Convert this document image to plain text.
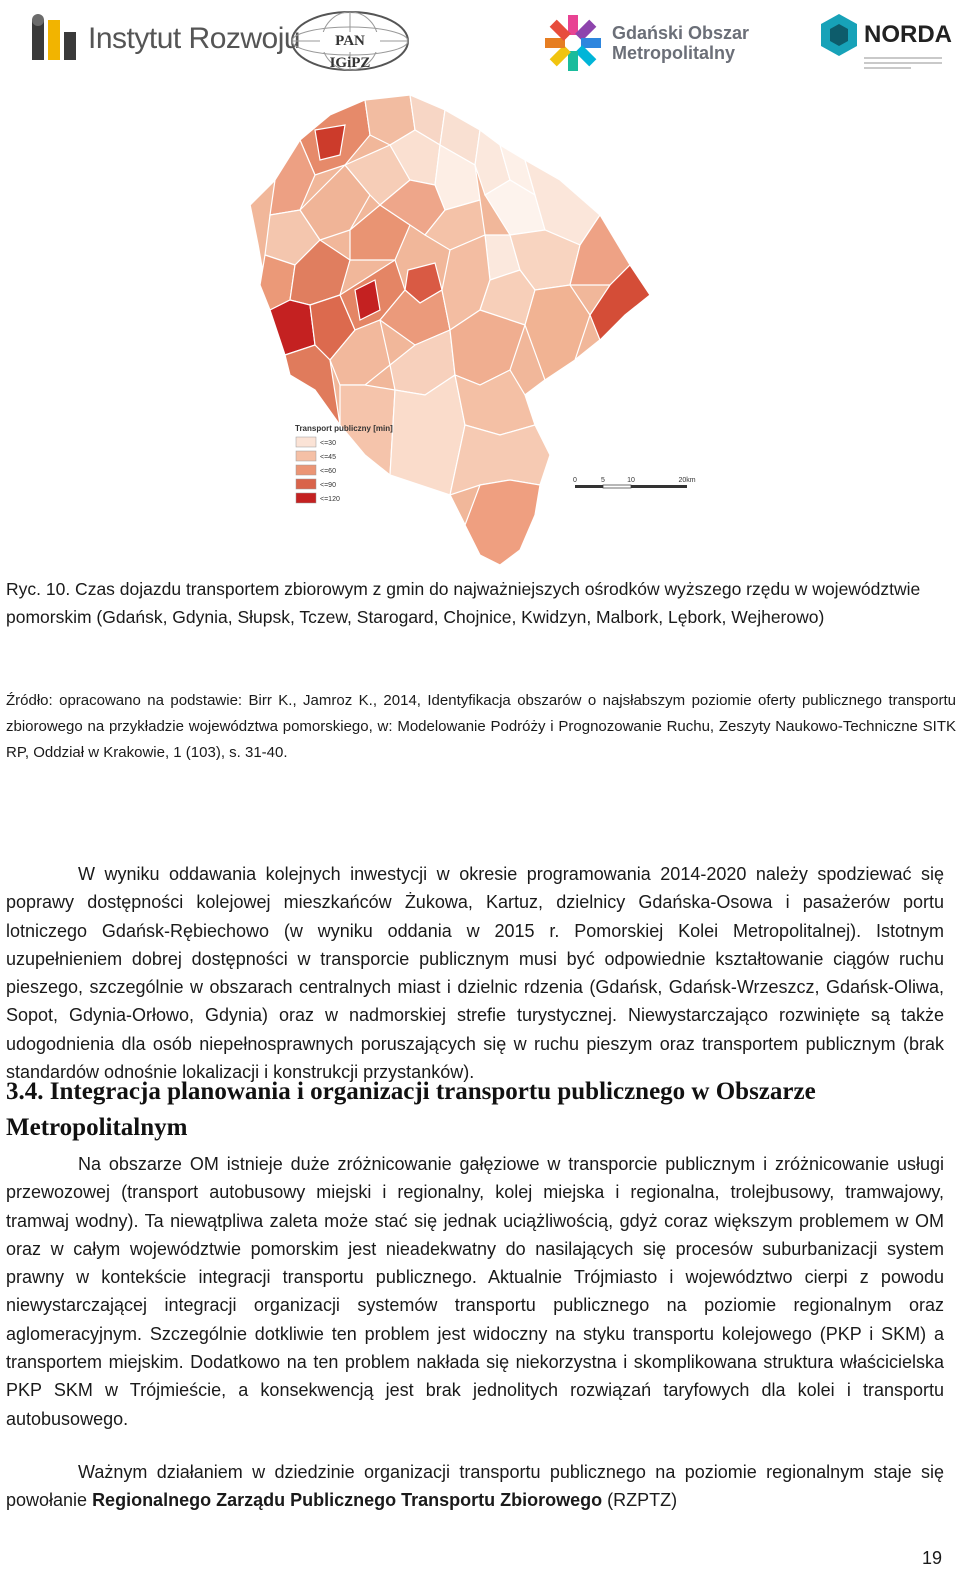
Instytut Rozwoju	PAN IGiPZ
Gdański Obszar
Metropolitalny
NORDA
Transport publiczny [min]
<=30
<=45
<=60
<=90
<=120
0	5	10	20km
Ryc. 10. Czas dojazdu transportem zbiorowym z gmin do najważniejszych ośrodków wyższego rzędu w województwie pomorskim (Gdańsk, Gdynia, Słupsk, Tczew, Starogard, Chojnice, Kwidzyn, Malbork, Lębork, Wejherowo)
Źródło: opracowano na podstawie: Birr K., Jamroz K., 2014, Identyfikacja obszarów o najsłabszym poziomie oferty publicznego transportu zbiorowego na przykładzie województwa pomorskiego, w: Modelowanie Podróży i Prognozowanie Ruchu, Zeszyty Naukowo-Techniczne SITK RP, Oddział w Krakowie, 1 (103), s. 31-40.
W wyniku oddawania kolejnych inwestycji w okresie programowania 2014-2020 należy spodziewać się poprawy dostępności kolejowej mieszkańców Żukowa, Kartuz, dzielnicy Gdańska-Osowa i pasażerów portu lotniczego Gdańsk-Rębiechowo (w wyniku oddania w 2015 r. Pomorskiej Kolei Metropolitalnej). Istotnym uzupełnieniem dobrej dostępności w transporcie publicznym musi być odpowiednie kształtowanie ciągów ruchu pieszego, szczególnie w obszarach centralnych miast i dzielnic rdzenia (Gdańsk, Gdańsk-Wrzeszcz, Gdańsk-Oliwa, Sopot, Gdynia-Orłowo, Gdynia) oraz w nadmorskiej strefie turystycznej. Niewystarczająco rozwinięte są także udogodnienia dla osób niepełnosprawnych poruszających się w ruchu pieszym oraz transportem publicznym (brak standardów odnośnie lokalizacji i konstrukcji przystanków).
3.4. Integracja planowania i organizacji transportu publicznego w Obszarze Metropolitalnym
Na obszarze OM istnieje duże zróżnicowanie gałęziowe w transporcie publicznym i zróżnicowanie usługi przewozowej (transport autobusowy miejski i regionalny, kolej miejska i regionalna, trolejbusowy, tramwajowy, tramwaj wodny). Ta niewątpliwa zaleta może stać się jednak uciążliwością, gdyż coraz większym problemem w OM oraz w całym województwie pomorskim jest nieadekwatny do nasilających się procesów suburbanizacji system prawny w kontekście integracji transportu publicznego. Aktualnie Trójmiasto i województwo cierpi z powodu niewystarczającej integracji organizacji systemów transportu publicznego na poziomie regionalnym oraz aglomeracyjnym. Szczególnie dotkliwie ten problem jest widoczny na styku transportu kolejowego (PKP i SKM) a transportem miejskim. Dodatkowo na ten problem nakłada się niekorzystna i skomplikowana struktura właścicielska PKP SKM w Trójmieście, a konsekwencją jest brak jednolitych rozwiązań taryfowych dla kolei i transportu autobusowego.
Ważnym działaniem w dziedzinie organizacji transportu publicznego na poziomie regionalnym staje się powołanie Regionalnego Zarządu Publicznego Transportu Zbiorowego (RZPTZ)
19
